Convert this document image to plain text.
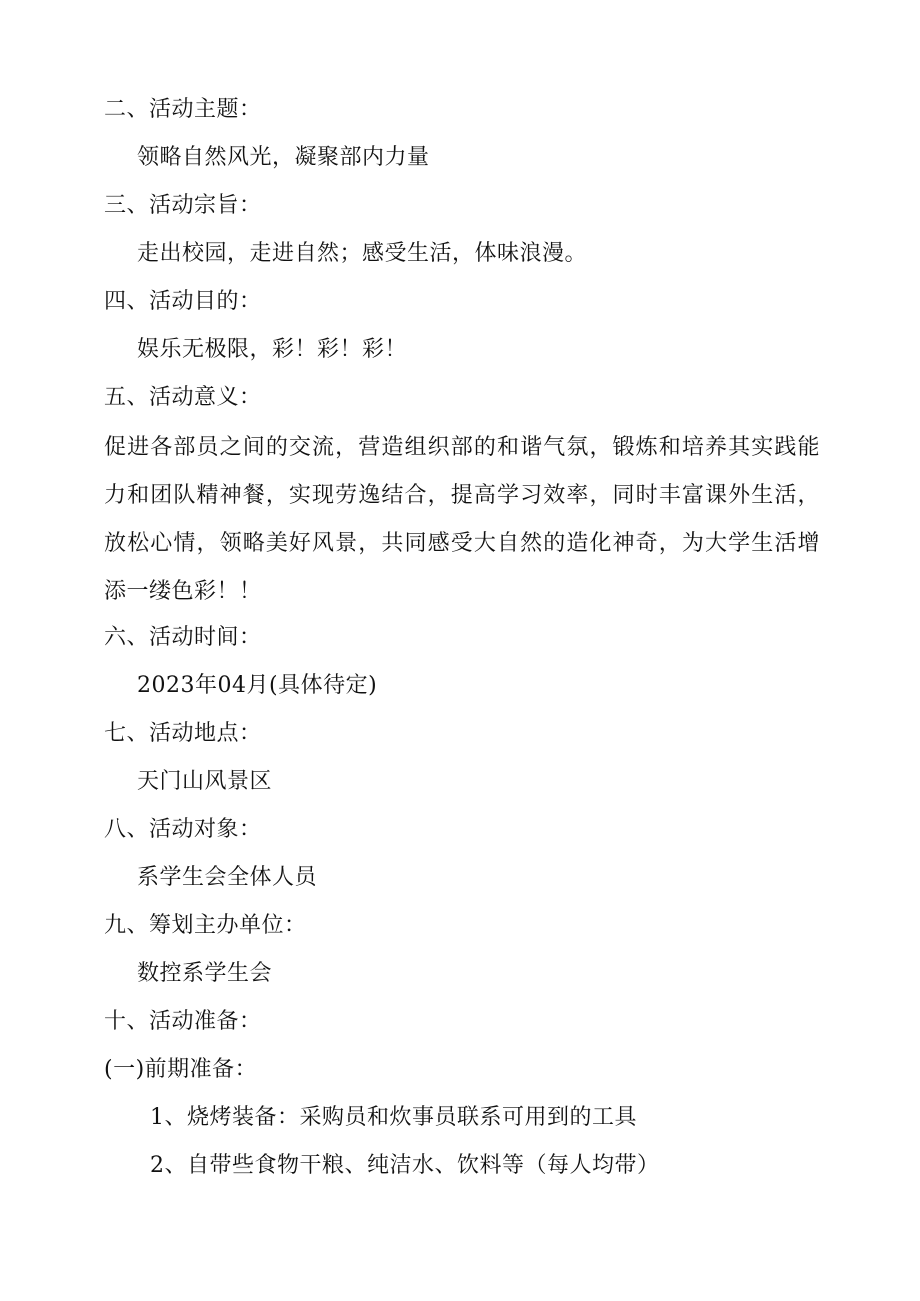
二、活动主题：
领略自然风光，凝聚部内力量
三、活动宗旨：
走出校园，走进自然；感受生活，体味浪漫。
四、活动目的：
娱乐无极限，彩！彩！彩！
五、活动意义：
促进各部员之间的交流，营造组织部的和谐气氛，锻炼和培养其实践能力和团队精神餐，实现劳逸结合，提高学习效率，同时丰富课外生活，放松心情，领略美好风景，共同感受大自然的造化神奇，为大学生活增添一缕色彩！！
六、活动时间：
2023年04月(具体待定)
七、活动地点：
天门山风景区
八、活动对象：
系学生会全体人员
九、筹划主办单位：
数控系学生会
十、活动准备：
(一)前期准备：
1、烧烤装备：采购员和炊事员联系可用到的工具
2、自带些食物干粮、纯洁水、饮料等（每人均带）
